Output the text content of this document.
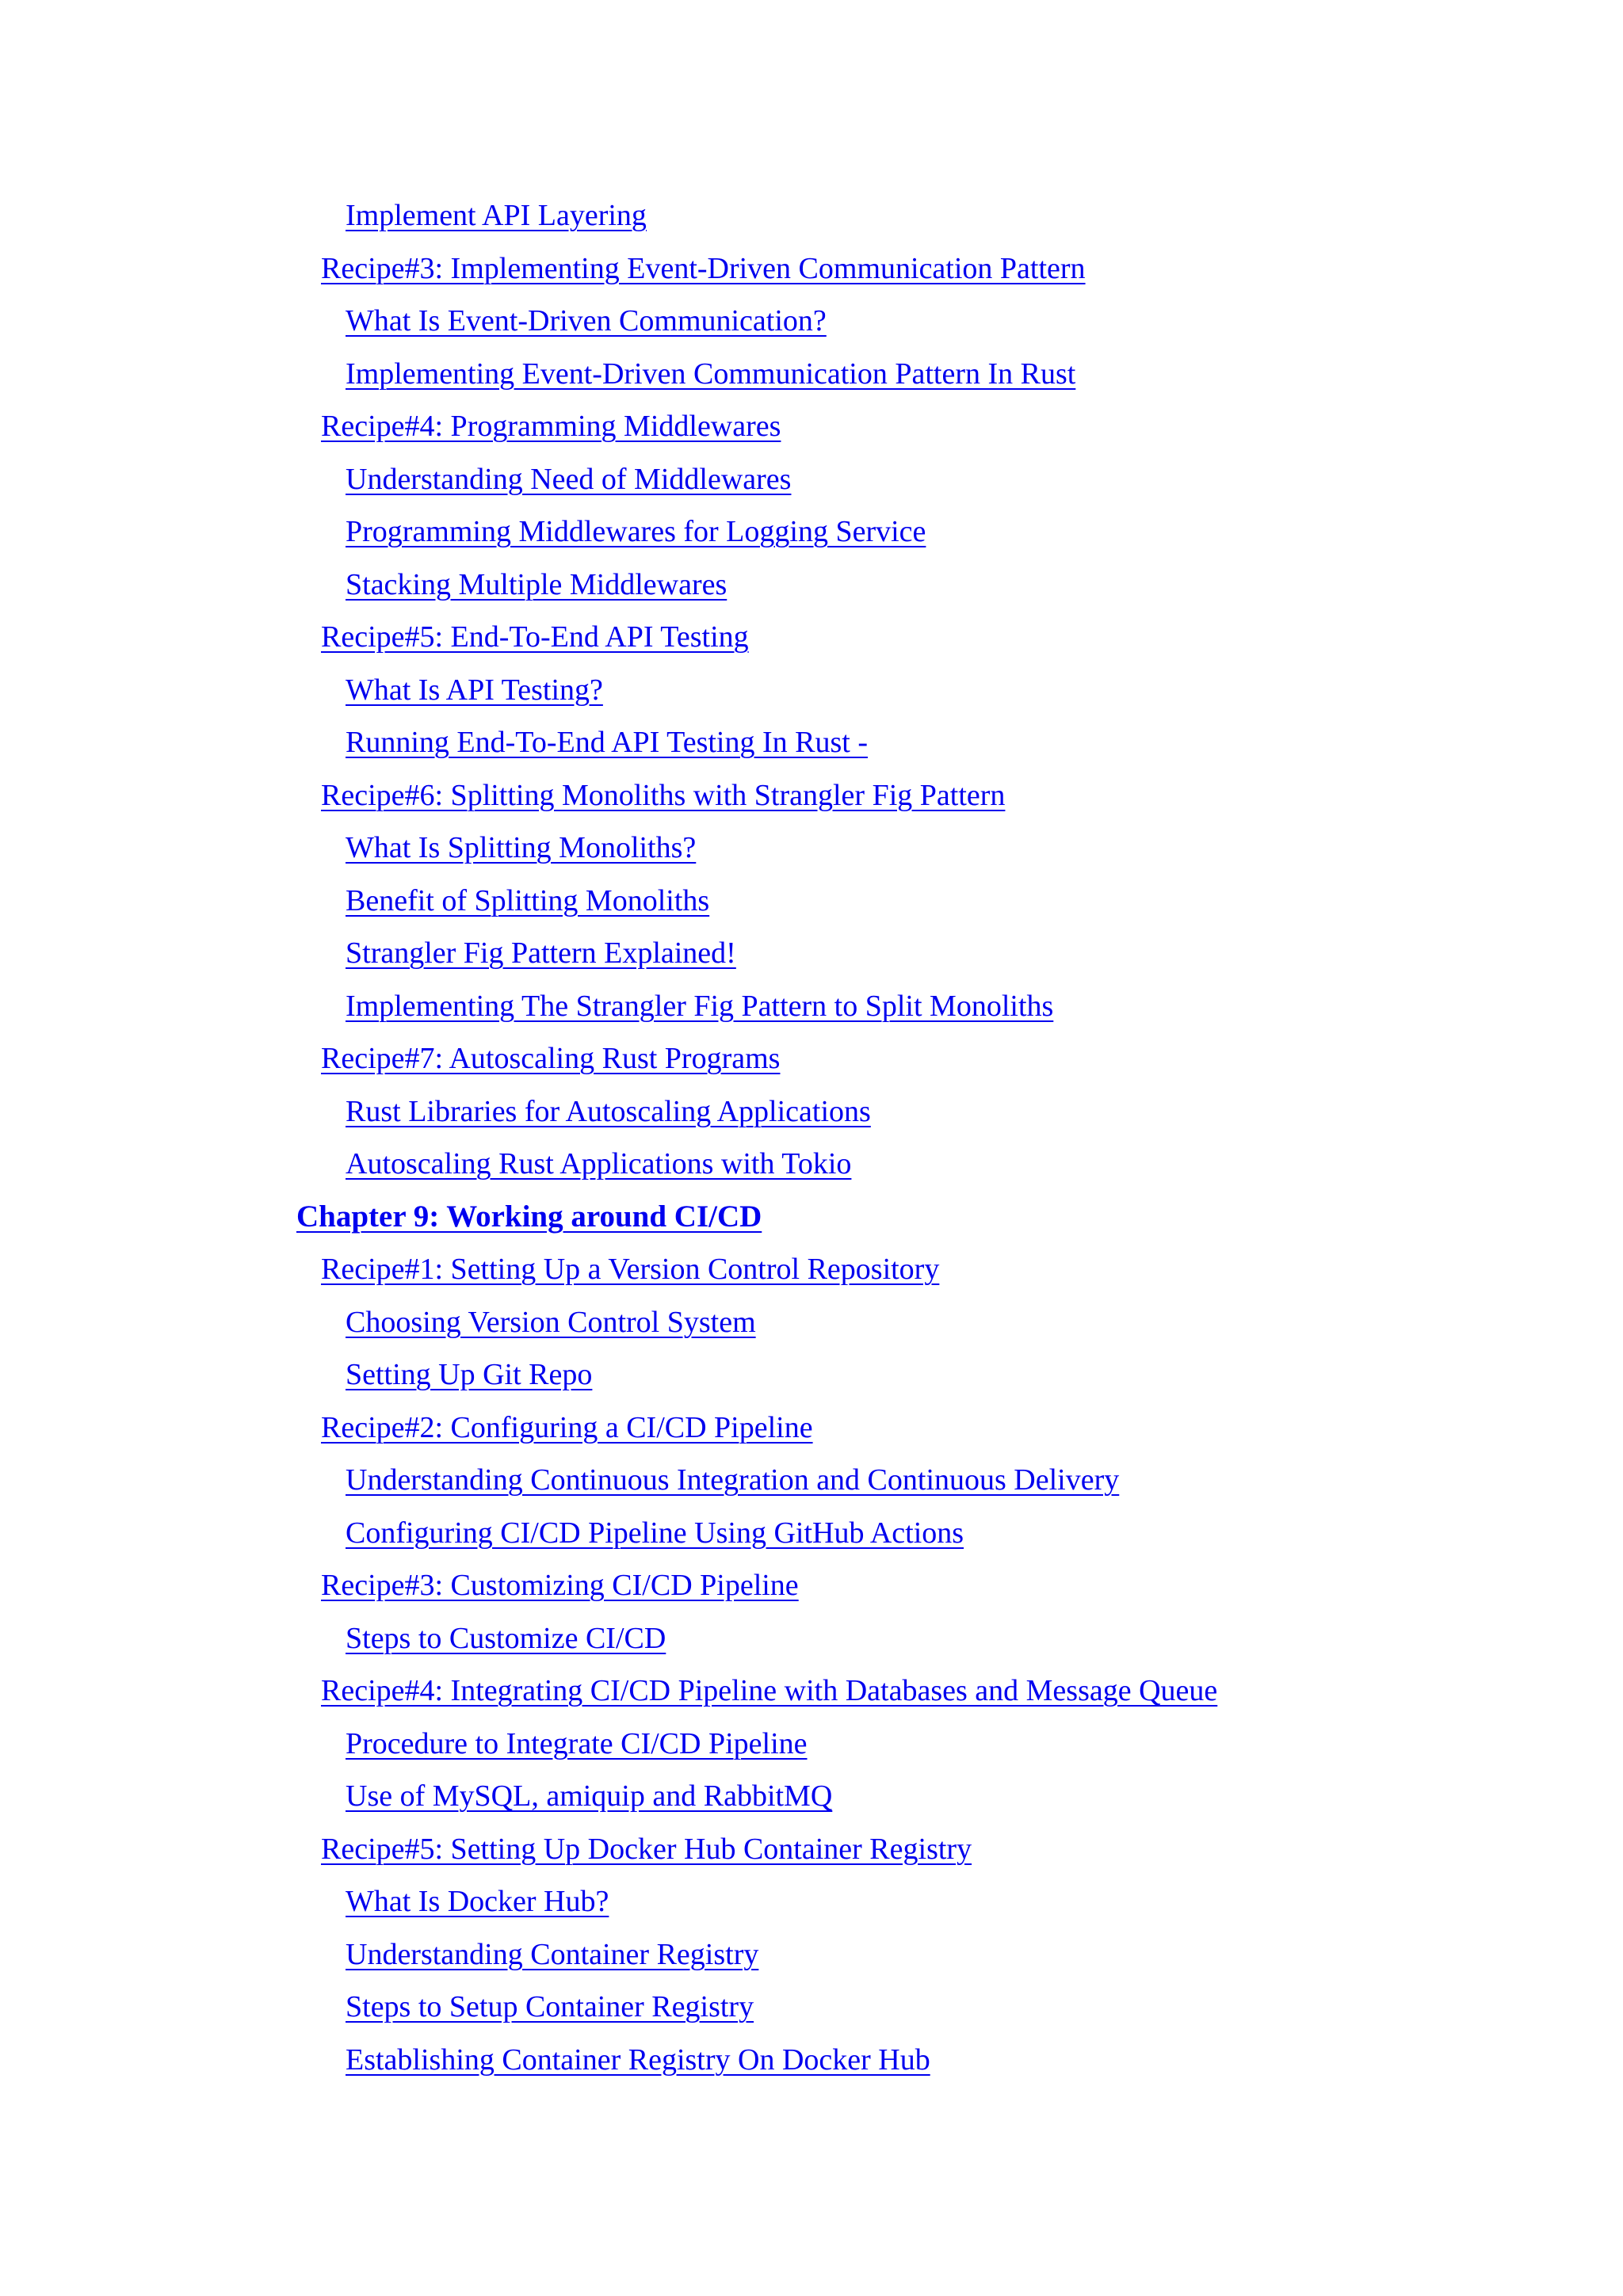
Implement API Layering
Recipe#3: Implementing Event-Driven Communication Pattern
What Is Event-Driven Communication?
Implementing Event-Driven Communication Pattern In Rust
Recipe#4: Programming Middlewares
Understanding Need of Middlewares
Programming Middlewares for Logging Service
Stacking Multiple Middlewares
Recipe#5: End-To-End API Testing
What Is API Testing?
Running End-To-End API Testing In Rust -
Recipe#6: Splitting Monoliths with Strangler Fig Pattern
What Is Splitting Monoliths?
Benefit of Splitting Monoliths
Strangler Fig Pattern Explained!
Implementing The Strangler Fig Pattern to Split Monoliths
Recipe#7: Autoscaling Rust Programs
Rust Libraries for Autoscaling Applications
Autoscaling Rust Applications with Tokio
Chapter 9: Working around CI/CD
Recipe#1: Setting Up a Version Control Repository
Choosing Version Control System
Setting Up Git Repo
Recipe#2: Configuring a CI/CD Pipeline
Understanding Continuous Integration and Continuous Delivery
Configuring CI/CD Pipeline Using GitHub Actions
Recipe#3: Customizing CI/CD Pipeline
Steps to Customize CI/CD
Recipe#4: Integrating CI/CD Pipeline with Databases and Message Queue
Procedure to Integrate CI/CD Pipeline
Use of MySQL, amiquip and RabbitMQ
Recipe#5: Setting Up Docker Hub Container Registry
What Is Docker Hub?
Understanding Container Registry
Steps to Setup Container Registry
Establishing Container Registry On Docker Hub
